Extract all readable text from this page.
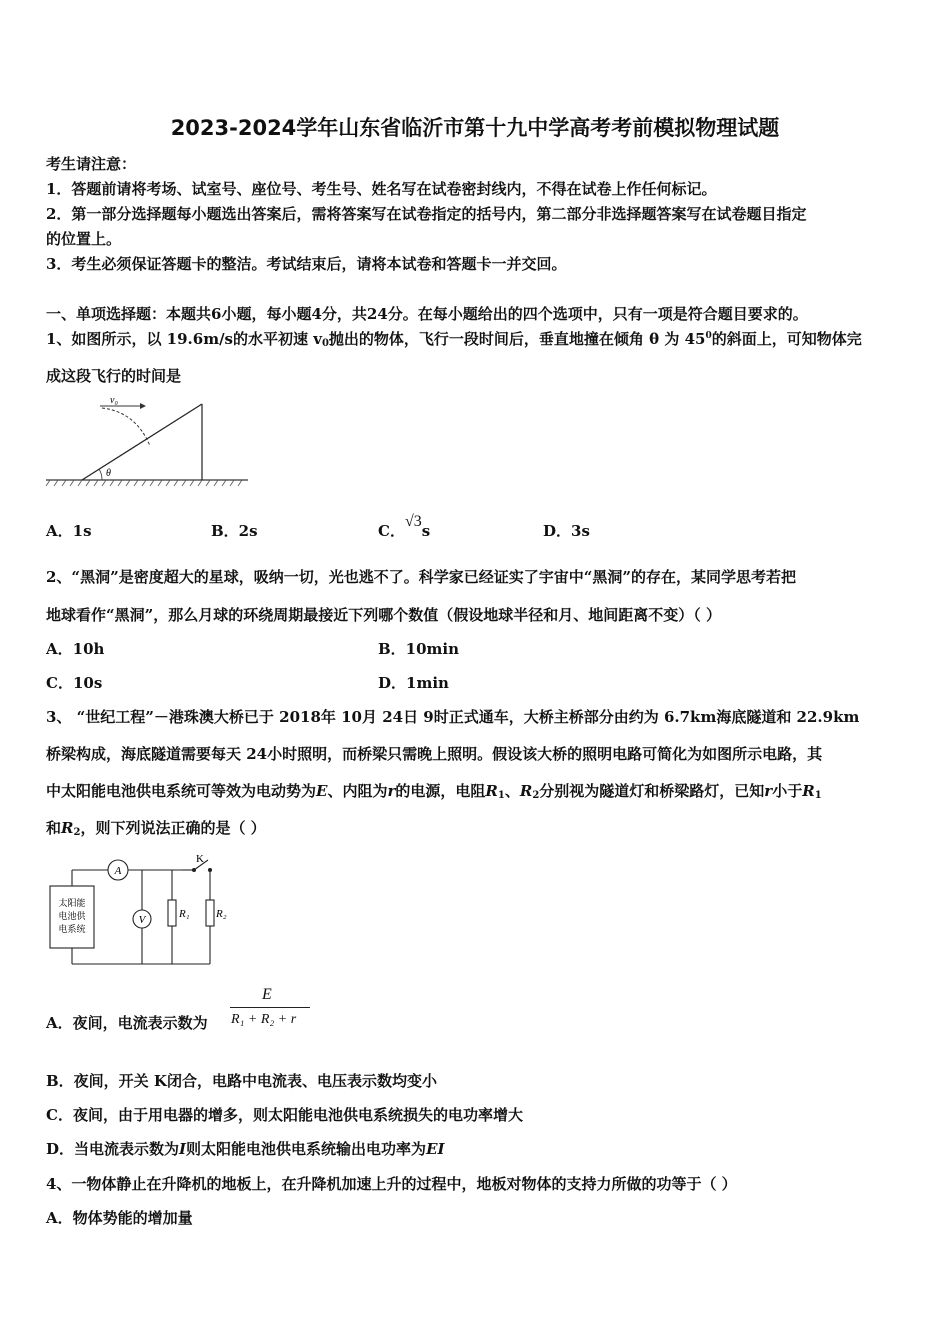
2023-2024学年山东省临沂市第十九中学高考考前模拟物理试题
考生请注意：
1．答题前请将考场、试室号、座位号、考生号、姓名写在试卷密封线内，不得在试卷上作任何标记。
2．第一部分选择题每小题选出答案后，需将答案写在试卷指定的括号内，第二部分非选择题答案写在试卷题目指定
的位置上。
3．考生必须保证答题卡的整洁。考试结束后，请将本试卷和答题卡一并交回。
一、单项选择题：本题共6小题，每小题4分，共24分。在每小题给出的四个选项中，只有一项是符合题目要求的。
1、如图所示，以 19.6m/s的水平初速 $v_0$抛出的物体，飞行一段时间后，垂直地撞在倾角 θ 为 $45^0$的斜面上，可知物体完
成这段飞行的时间是
θ
v₀
A．1s	B．2s	C．√3s	D．3s
2、“黑洞”是密度超大的星球，吸纳一切，光也逃不了。科学家已经证实了宇宙中“黑洞”的存在，某同学思考若把
地球看作“黑洞”，那么月球的环绕周期最接近下列哪个数值（假设地球半径和月、地间距离不变）（ ）
A．10h	B．10min
C．10s	D．1min
3、 “世纪工程”－港珠澳大桥已于 2018年 10月 24日 9时正式通车，大桥主桥部分由约为 6.7km海底隧道和 22.9km
桥梁构成，海底隧道需要每天 24小时照明，而桥梁只需晚上照明。假设该大桥的照明电路可简化为如图所示电路，其
中太阳能电池供电系统可等效为电动势为E、内阻为r的电源，电阻$R_1$、$R_2$分别视为隧道灯和桥梁路灯，已知r小于$R_1$
和$R_2$，则下列说法正确的是（ ）
太阳能
电池供
电系统
A
V
K
R₁ R₂
A．夜间，电流表示数为
E
R₁ + R₂ + r
B．夜间，开关 K闭合，电路中电流表、电压表示数均变小
C．夜间，由于用电器的增多，则太阳能电池供电系统损失的电功率增大
D．当电流表示数为I则太阳能电池供电系统输出电功率为EI
4、一物体静止在升降机的地板上，在升降机加速上升的过程中，地板对物体的支持力所做的功等于（ ）
A．物体势能的增加量
